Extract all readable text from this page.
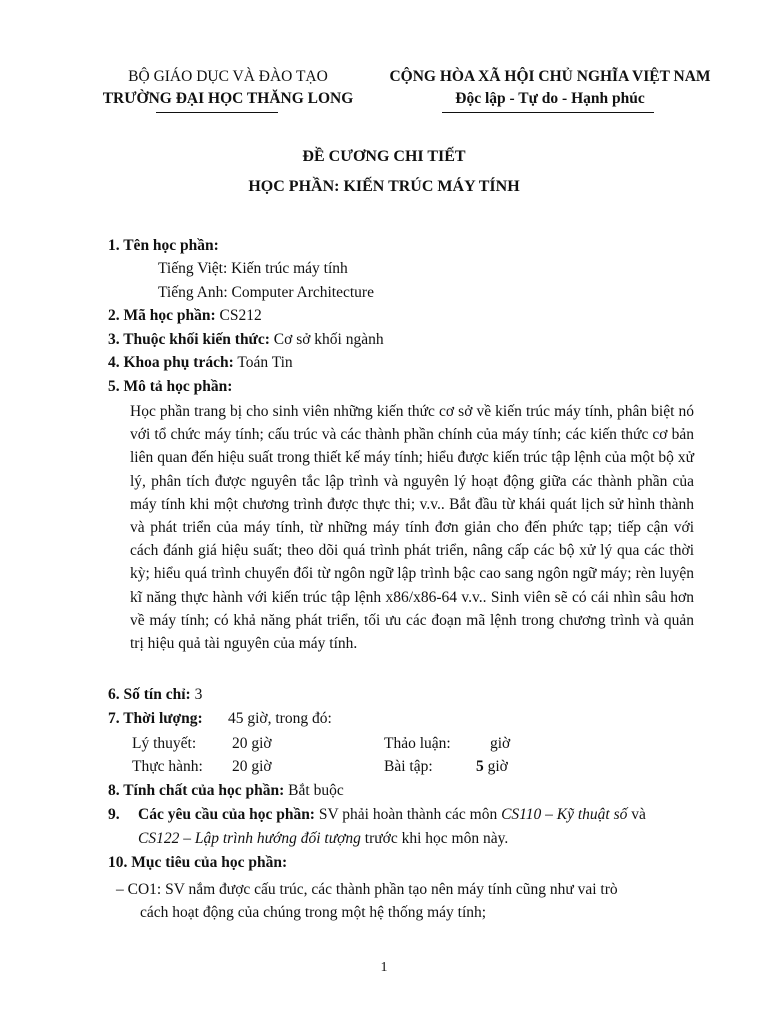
BỘ GIÁO DỤC VÀ ĐÀO TẠO
TRƯỜNG ĐẠI HỌC THĂNG LONG
CỘNG HÒA XÃ HỘI CHỦ NGHĨA VIỆT NAM
Độc lập - Tự do - Hạnh phúc
ĐỀ CƯƠNG CHI TIẾT
HỌC PHẦN: KIẾN TRÚC MÁY TÍNH
1. Tên học phần:
Tiếng Việt: Kiến trúc máy tính
Tiếng Anh: Computer Architecture
2. Mã học phần: CS212
3. Thuộc khối kiến thức: Cơ sở khối ngành
4. Khoa phụ trách: Toán Tin
5. Mô tả học phần:
Học phần trang bị cho sinh viên những kiến thức cơ sở về kiến trúc máy tính, phân biệt nó với tổ chức máy tính; cấu trúc và các thành phần chính của máy tính; các kiến thức cơ bản liên quan đến hiệu suất trong thiết kế máy tính; hiểu được kiến trúc tập lệnh của một bộ xử lý, phân tích được nguyên tắc lập trình và nguyên lý hoạt động giữa các thành phần của máy tính khi một chương trình được thực thi; v.v.. Bắt đầu từ khái quát lịch sử hình thành và phát triển của máy tính, từ những máy tính đơn giản cho đến phức tạp; tiếp cận với cách đánh giá hiệu suất; theo dõi quá trình phát triển, nâng cấp các bộ xử lý qua các thời kỳ; hiểu quá trình chuyển đổi từ ngôn ngữ lập trình bậc cao sang ngôn ngữ máy; rèn luyện kĩ năng thực hành với kiến trúc tập lệnh x86/x86-64 v.v.. Sinh viên sẽ có cái nhìn sâu hơn về máy tính; có khả năng phát triển, tối ưu các đoạn mã lệnh trong chương trình và quản trị hiệu quả tài nguyên của máy tính.
6. Số tín chỉ: 3
7. Thời lượng: 45 giờ, trong đó:
Lý thuyết: 20 giờ	Thảo luận:	giờ
Thực hành: 20 giờ	Bài tập:	5 giờ
8. Tính chất của học phần: Bắt buộc
9. Các yêu cầu của học phần: SV phải hoàn thành các môn CS110 – Kỹ thuật số và
CS122 – Lập trình hướng đối tượng trước khi học môn này.
10. Mục tiêu của học phần:
– CO1: SV nắm được cấu trúc, các thành phần tạo nên máy tính cũng như vai trò
cách hoạt động của chúng trong một hệ thống máy tính;
1
